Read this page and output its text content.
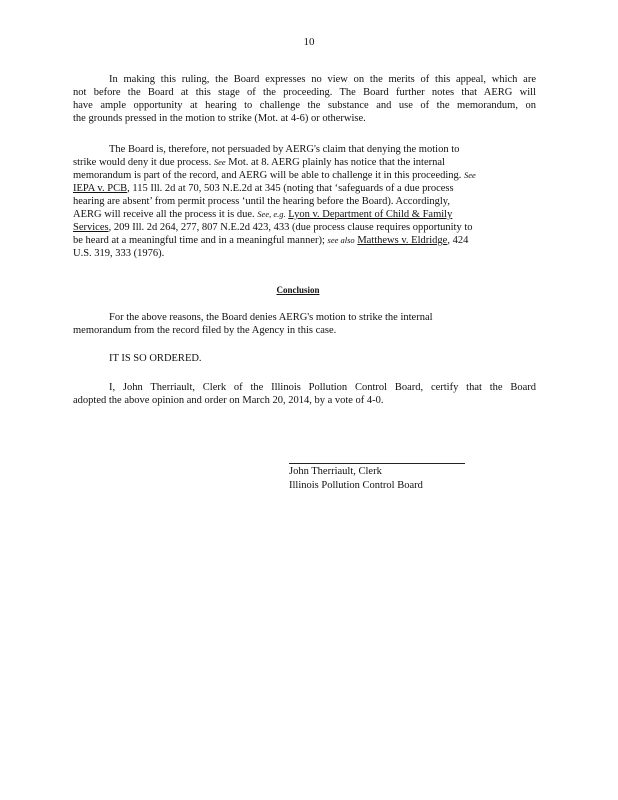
10
In making this ruling, the Board expresses no view on the merits of this appeal, which are
not before the Board at this stage of the proceeding. The Board further notes that AERG will
have ample opportunity at hearing to challenge the substance and use of the memorandum, on
the grounds pressed in the motion to strike (Mot. at 4-6) or otherwise.
The Board is, therefore, not persuaded by AERG's claim that denying the motion to
strike would deny it due process. See Mot. at 8. AERG plainly has notice that the internal
memorandum is part of the record, and AERG will be able to challenge it in this proceeding. See
IEPA v. PCB, 115 Ill. 2d at 70, 503 N.E.2d at 345 (noting that ‘safeguards of a due process
hearing are absent’ from permit process ‘until the hearing before the Board). Accordingly,
AERG will receive all the process it is due. See, e.g. Lyon v. Department of Child & Family
Services, 209 Ill. 2d 264, 277, 807 N.E.2d 423, 433 (due process clause requires opportunity to
be heard at a meaningful time and in a meaningful manner); see also Matthews v. Eldridge, 424
U.S. 319, 333 (1976).
Conclusion
For the above reasons, the Board denies AERG's motion to strike the internal
memorandum from the record filed by the Agency in this case.
IT IS SO ORDERED.
I, John Therriault, Clerk of the Illinois Pollution Control Board, certify that the Board
adopted the above opinion and order on March 20, 2014, by a vote of 4-0.
John Therriault, Clerk
Illinois Pollution Control Board
